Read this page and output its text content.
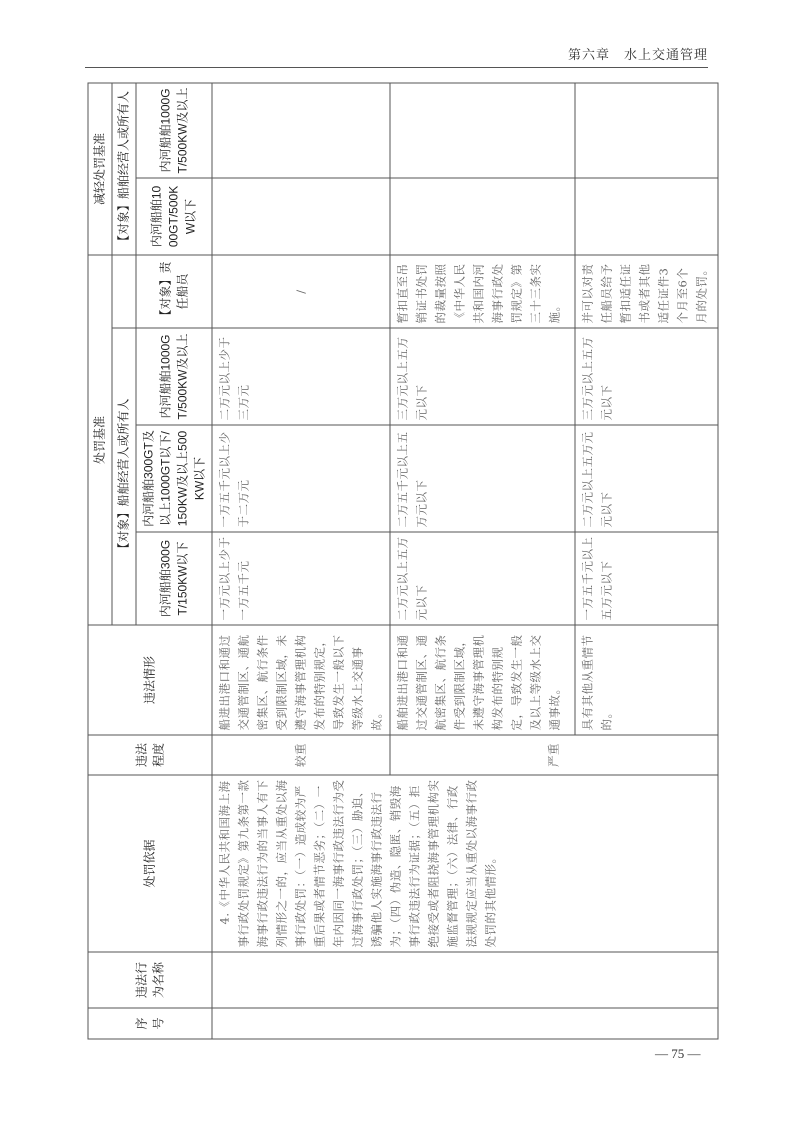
第六章 水上交通管理
序号	违法行为名称	处罚依据	违法程度	违法情形	处罚基准				减轻处罚基准	
					【对象】船舶经营人或所有人				【对象】船舶经营人或所有人	
					内河船舶300GT/150KW以下	内河船舶300GT及以上1000GT以下/150KW及以上500KW以下	内河船舶1000GT/500KW及以上	【对象】责任船员	内河船舶1000GT/500KW以下	内河船舶1000GT/500KW及以上
		4.《中华人民共和国海上海事行政处罚规定》第九条第一款 海事行政违法行为的当事人有下列情形之一的，应当从重处以海事行政处罚：（一）造成较为严重后果或者情节恶劣；（二）一年内因同一海事行政违法行为受过海事行政处罚；（三）胁迫、诱骗他人实施海事行政违法行为；（四）伪造、隐匿、销毁海事行政违法行为证据；（五）拒绝接受或者阻挠海事管理机构实施监督管理；（六）法律、行政法规规定应当从重处以海事行政处罚的其他情形。	较重	船进出港口和通过交通管制区、通航密集区、航行条件受到限制区域，未遵守海事管理机构发布的特别规定，导致发生一般以下等级水上交通事故。	一万元以上少于一万五千元	一万五千元以上少于二万元	二万元以上少于三万元	/		
			严重	船舶进出港口和通过交通管制区、通航密集区、航行条件受到限制区域，未遵守海事管理机构发布的特别规定，导致发生一般及以上等级水上交通事故。	二万元以上五万元以下	二万五千元以上五万元以下	三万元以上五万元以下	暂扣直至吊销证书处罚的裁量按照《中华人民共和国内河海事行政处罚规定》第三十三条实施。		
				具有其他从重情节的。	一万五千元以上五万元以下	二万元以上五万元元以下	三万元以上五万元以下	并可以对责任船员给予暂扣适任证书或者其他适任证件3个月至6个月的处罚。		
— 75 —
